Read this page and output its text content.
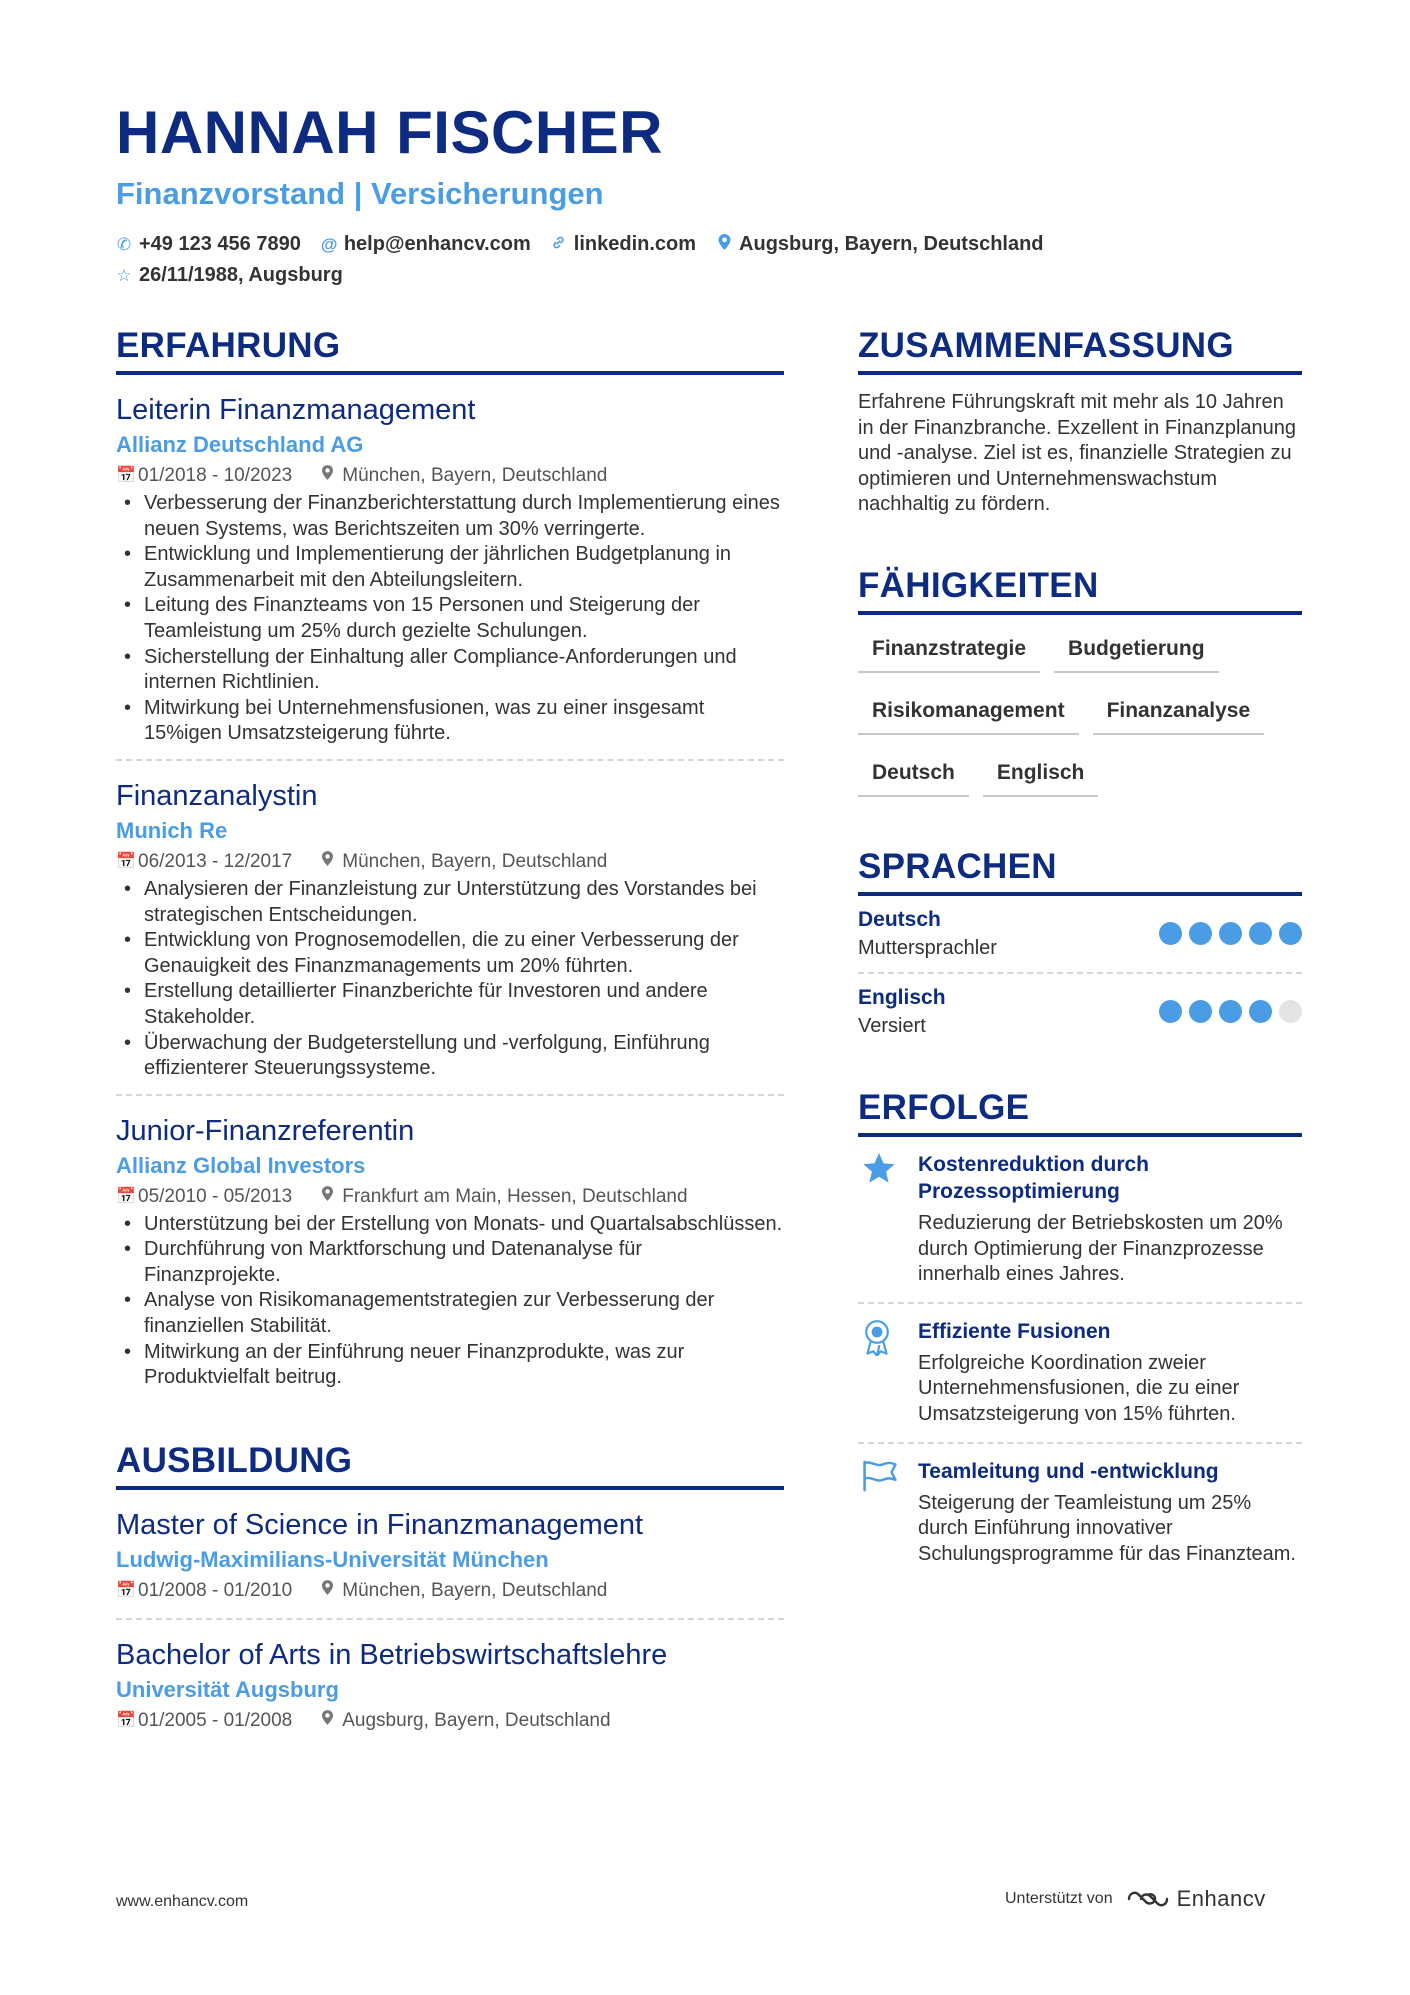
HANNAH FISCHER
Finanzvorstand | Versicherungen
✆ +49 123 456 7890 @ help@enhancv.com linkedin.com Augsburg, Bayern, Deutschland
☆ 26/11/1988, Augsburg
ERFAHRUNG
Leiterin Finanzmanagement
Allianz Deutschland AG
📅 01/2018 - 10/2023	München, Bayern, Deutschland
• Verbesserung der Finanzberichterstattung durch Implementierung eines neuen Systems, was Berichtszeiten um 30% verringerte.
• Entwicklung und Implementierung der jährlichen Budgetplanung in Zusammenarbeit mit den Abteilungsleitern.
• Leitung des Finanzteams von 15 Personen und Steigerung der Teamleistung um 25% durch gezielte Schulungen.
• Sicherstellung der Einhaltung aller Compliance-Anforderungen und internen Richtlinien.
• Mitwirkung bei Unternehmensfusionen, was zu einer insgesamt 15%igen Umsatzsteigerung führte.
Finanzanalystin
Munich Re
📅 06/2013 - 12/2017	München, Bayern, Deutschland
• Analysieren der Finanzleistung zur Unterstützung des Vorstandes bei strategischen Entscheidungen.
• Entwicklung von Prognosemodellen, die zu einer Verbesserung der Genauigkeit des Finanzmanagements um 20% führten.
• Erstellung detaillierter Finanzberichte für Investoren und andere Stakeholder.
• Überwachung der Budgeterstellung und -verfolgung, Einführung effizienterer Steuerungssysteme.
Junior-Finanzreferentin
Allianz Global Investors
📅 05/2010 - 05/2013	Frankfurt am Main, Hessen, Deutschland
• Unterstützung bei der Erstellung von Monats- und Quartalsabschlüssen.
• Durchführung von Marktforschung und Datenanalyse für Finanzprojekte.
• Analyse von Risikomanagementstrategien zur Verbesserung der finanziellen Stabilität.
• Mitwirkung an der Einführung neuer Finanzprodukte, was zur Produktvielfalt beitrug.
AUSBILDUNG
Master of Science in Finanzmanagement
Ludwig-Maximilians-Universität München
📅 01/2008 - 01/2010	München, Bayern, Deutschland
Bachelor of Arts in Betriebswirtschaftslehre
Universität Augsburg
📅 01/2005 - 01/2008	Augsburg, Bayern, Deutschland
ZUSAMMENFASSUNG
Erfahrene Führungskraft mit mehr als 10 Jahren in der Finanzbranche. Exzellent in Finanzplanung und -analyse. Ziel ist es, finanzielle Strategien zu optimieren und Unternehmenswachstum nachhaltig zu fördern.
FÄHIGKEITEN
Finanzstrategie	Budgetierung
Risikomanagement	Finanzanalyse
Deutsch	Englisch
SPRACHEN
Deutsch
Muttersprachler
Englisch
Versiert
ERFOLGE
Kostenreduktion durch Prozessoptimierung
Reduzierung der Betriebskosten um 20% durch Optimierung der Finanzprozesse innerhalb eines Jahres.
Effiziente Fusionen
Erfolgreiche Koordination zweier Unternehmensfusionen, die zu einer Umsatzsteigerung von 15% führten.
Teamleitung und -entwicklung
Steigerung der Teamleistung um 25% durch Einführung innovativer Schulungsprogramme für das Finanzteam.
www.enhancv.com	Unterstützt von	Enhancv
